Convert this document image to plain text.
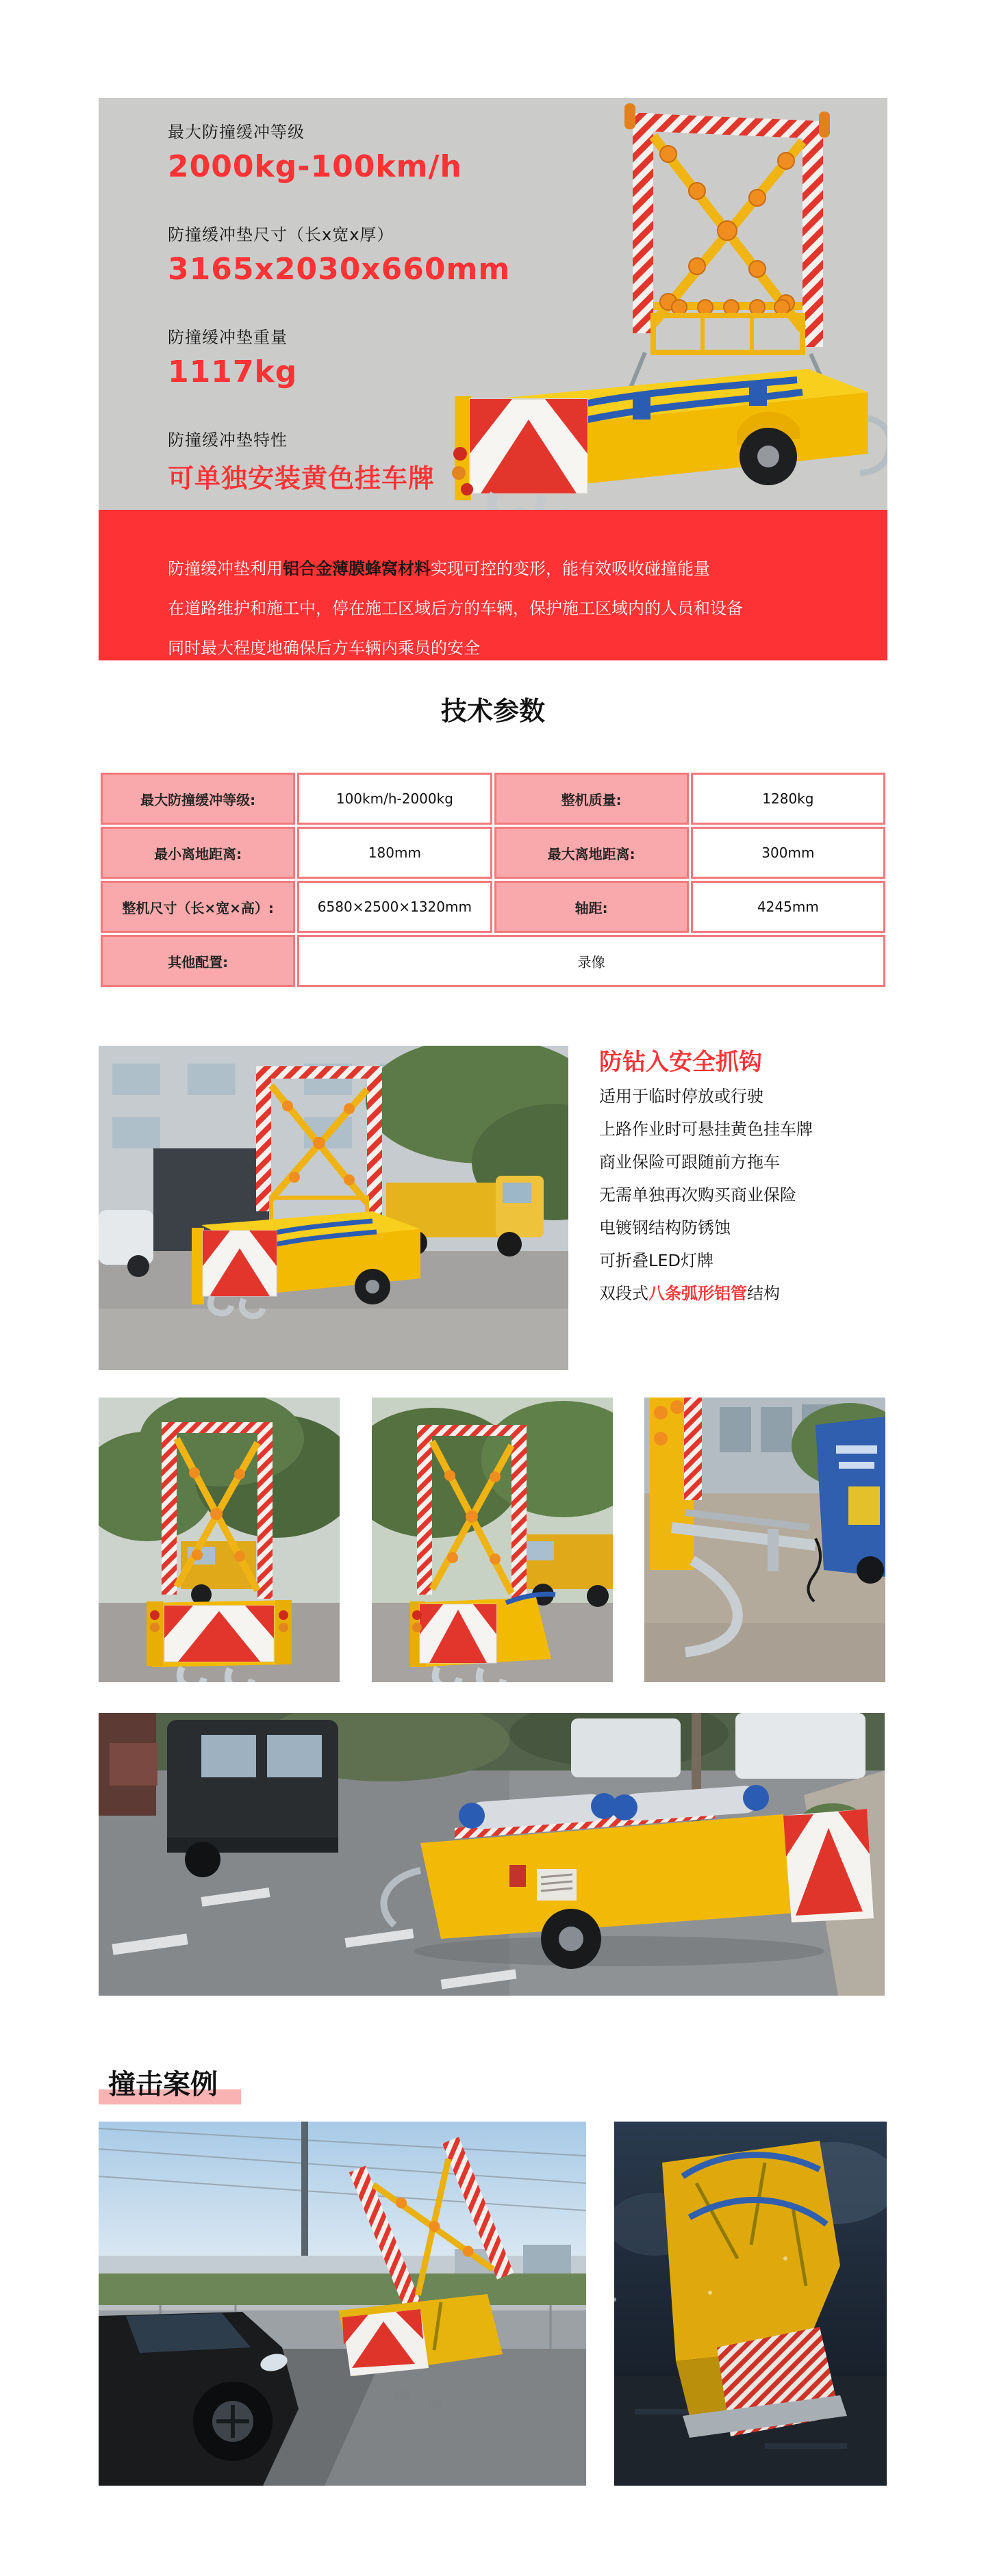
最大防撞缓冲等级
2000kg-100km/h
防撞缓冲垫尺寸（长x宽x厚）
3165x2030x660mm
防撞缓冲垫重量
1117kg
防撞缓冲垫特性
可单独安装黄色挂车牌

防撞缓冲垫利用铝合金薄膜蜂窝材料实现可控的变形，能有效吸收碰撞能量

在道路维护和施工中，停在施工区域后方的车辆，保护施工区域内的人员和设备

同时最大程度地确保后方车辆内乘员的安全

技术参数
最大防撞缓冲等级:	100km/h-2000kg	整机质量:	1280kg
最小离地距离:	180mm	最大离地距离:	300mm
整机尺寸（长×宽×高）:	6580×2500×1320mm	轴距:	4245mm
其他配置:	录像		
防钻入安全抓钩
适用于临时停放或行驶
上路作业时可悬挂黄色挂车牌
商业保险可跟随前方拖车
无需单独再次购买商业保险
电镀钢结构防锈蚀
可折叠LED灯牌
双段式八条弧形铝管结构
撞击案例
